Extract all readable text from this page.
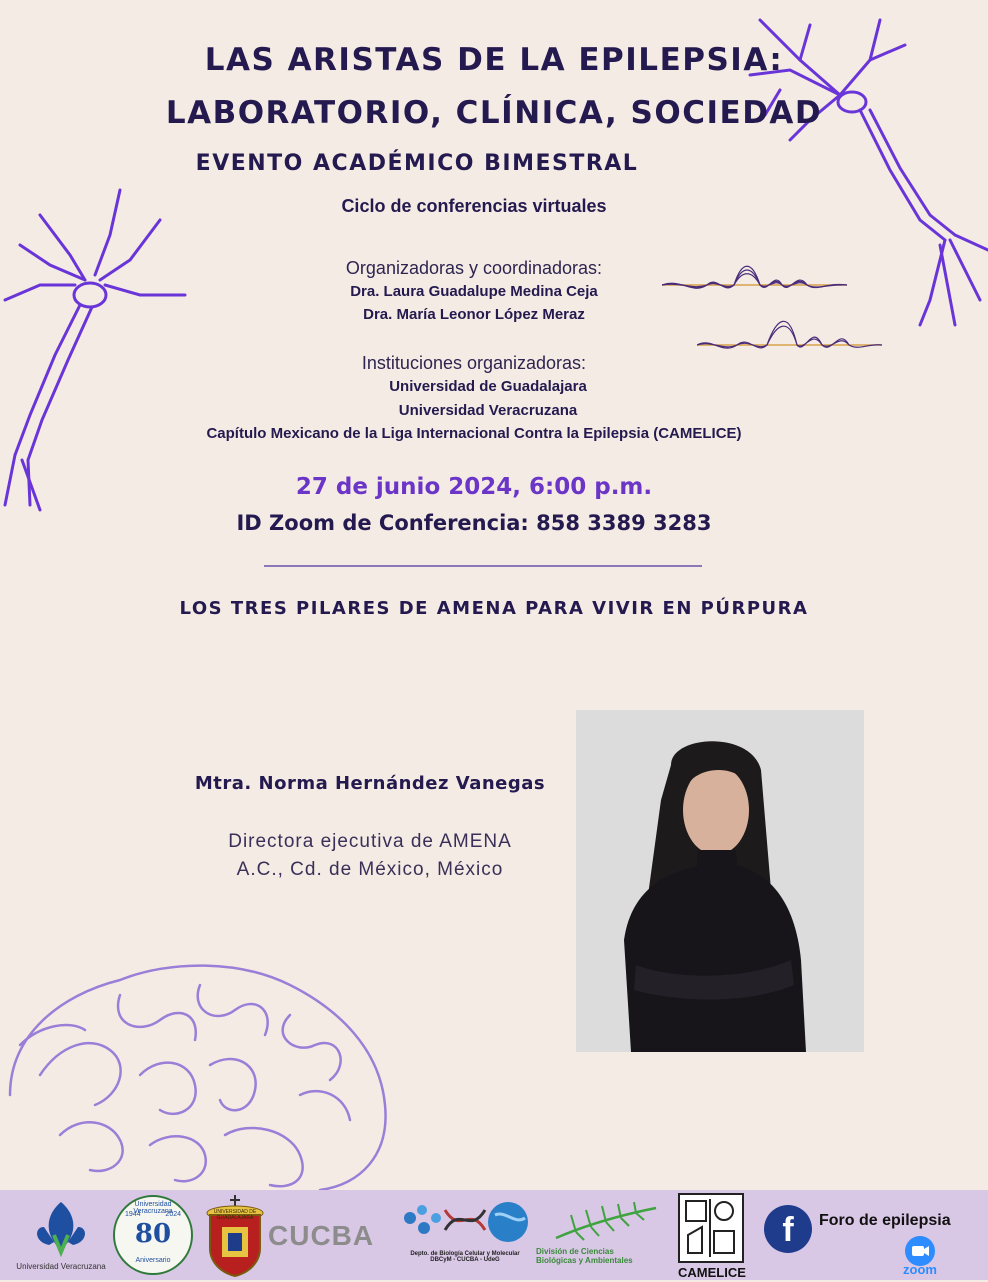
LAS ARISTAS DE LA EPILEPSIA:
LABORATORIO, CLÍNICA, SOCIEDAD
EVENTO ACADÉMICO BIMESTRAL
Ciclo de conferencias virtuales
Organizadoras y coordinadoras:
Dra. Laura Guadalupe Medina Ceja
Dra. María Leonor López Meraz
Instituciones organizadoras:
Universidad de Guadalajara
Universidad Veracruzana
Capítulo Mexicano de la Liga Internacional Contra la Epilepsia (CAMELICE)
27 de junio 2024, 6:00 p.m.
ID Zoom de Conferencia: 858 3389 3283
LOS TRES PILARES DE AMENA PARA VIVIR EN PÚRPURA
Mtra. Norma Hernández Vanegas
Directora ejecutiva de AMENA
A.C., Cd. de México, México
Universidad Veracruzana
Universidad Veracruzana
1944	2024
80
Aniversario
UNIVERSIDAD DE GUADALAJARA
CUCBA
Depto. de Biología Celular y Molecular
DBCyM - CUCBA - UdeG
División de Ciencias
Biológicas y Ambientales
CAMELICE
f	Foro de epilepsia
zoom
